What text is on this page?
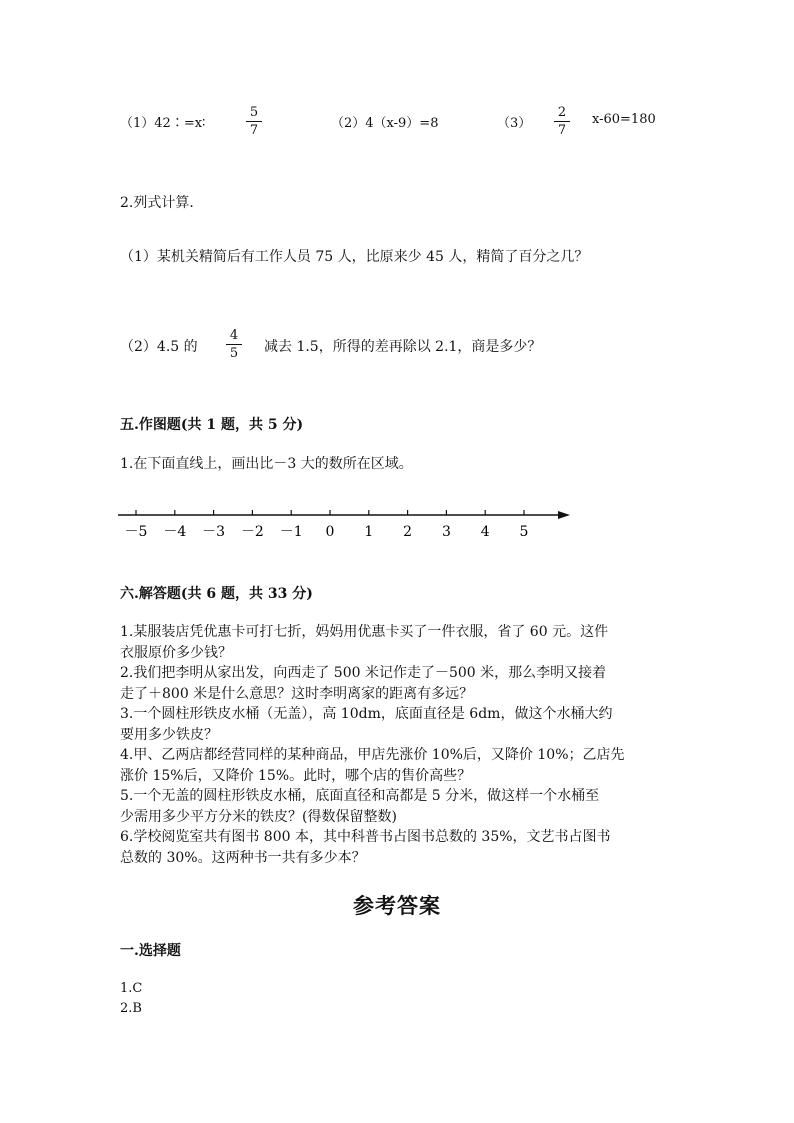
（1）42∶=x∶
5
7	（2）4（x-9）=8	（3）
2
7
x-60=180
2.列式计算.
（1）某机关精简后有工作人员 75 人，比原来少 45 人，精简了百分之几？
（2）4.5 的
4
5 减去 1.5，所得的差再除以 2.1，商是多少？
五.作图题(共 1 题，共 5 分)
1.在下面直线上，画出比－3 大的数所在区域。
－5 －4 －3 －2 －1 0 1 2 3 4 5
六.解答题(共 6 题，共 33 分)
1.某服装店凭优惠卡可打七折，妈妈用优惠卡买了一件衣服，省了 60 元。这件
衣服原价多少钱？
2.我们把李明从家出发，向西走了 500 米记作走了－500 米，那么李明又接着
走了＋800 米是什么意思？这时李明离家的距离有多远？
3.一个圆柱形铁皮水桶（无盖），高 10dm，底面直径是 6dm，做这个水桶大约
要用多少铁皮？
4.甲、乙两店都经营同样的某种商品，甲店先涨价 10%后，又降价 10%；乙店先
涨价 15%后，又降价 15%。此时，哪个店的售价高些？
5.一个无盖的圆柱形铁皮水桶，底面直径和高都是 5 分米，做这样一个水桶至
少需用多少平方分米的铁皮？(得数保留整数)
6.学校阅览室共有图书 800 本，其中科普书占图书总数的 35%，文艺书占图书
总数的 30%。这两种书一共有多少本？
参考答案
一.选择题
1.C
2.B
